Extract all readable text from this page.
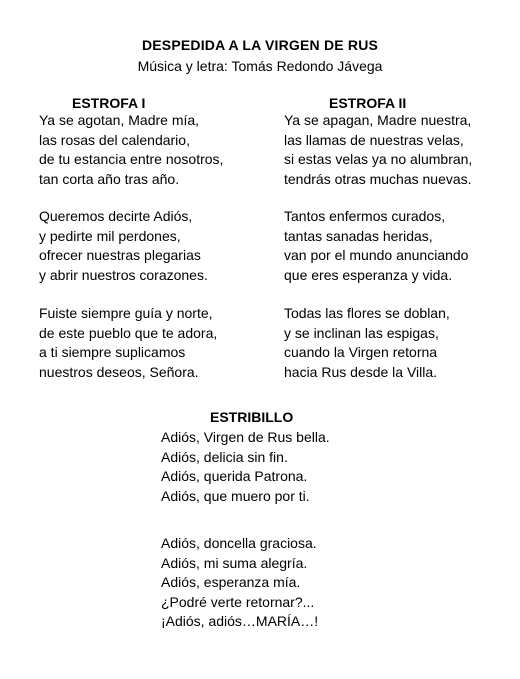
DESPEDIDA A LA VIRGEN DE RUS
Música y letra: Tomás Redondo Jávega
ESTROFA I	ESTROFA II
Ya se agotan, Madre mía,
las rosas del calendario,
de tu estancia entre nosotros,
tan corta año tras año.
Queremos decirte Adiós,
y pedirte mil perdones,
ofrecer nuestras plegarias
y abrir nuestros corazones.
Fuiste siempre guía y norte,
de este pueblo que te adora,
a ti siempre suplicamos
nuestros deseos, Señora.
Ya se apagan, Madre nuestra,
las llamas de nuestras velas,
si estas velas ya no alumbran,
tendrás otras muchas nuevas.
Tantos enfermos curados,
tantas sanadas heridas,
van por el mundo anunciando
que eres esperanza y vida.
Todas las flores se doblan,
y se inclinan las espigas,
cuando la Virgen retorna
hacia Rus desde la Villa.
ESTRIBILLO
Adiós, Virgen de Rus bella.
Adiós, delicia sin fin.
Adiós, querida Patrona.
Adiós, que muero por ti.
Adiós, doncella graciosa.
Adiós, mi suma alegría.
Adiós, esperanza mía.
¿Podré verte retornar?...
¡Adiós, adiós…MARÍA…!
